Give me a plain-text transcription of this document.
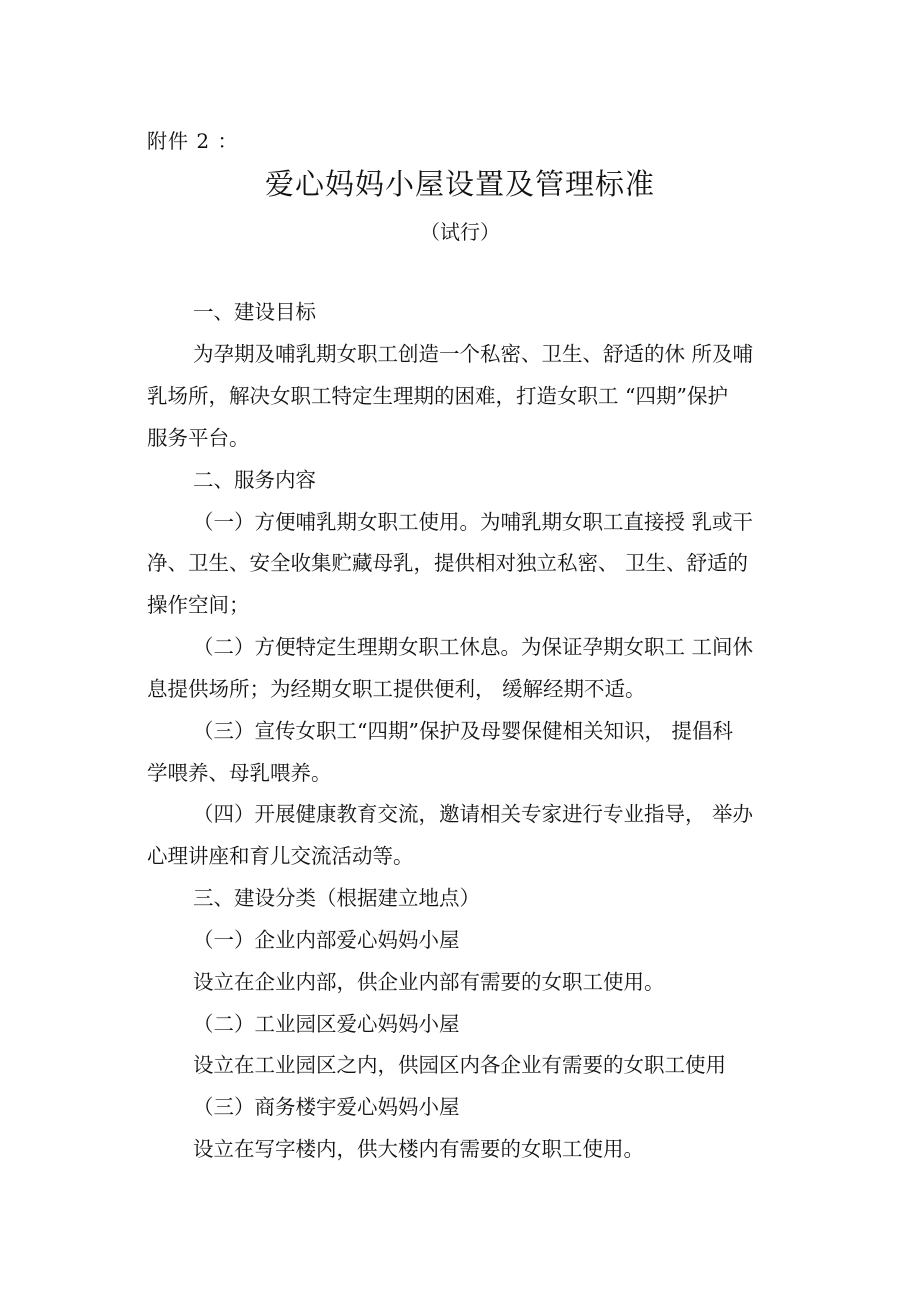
附件 2 ：
爱心妈妈小屋设置及管理标准
（试行）
一、建设目标
为孕期及哺乳期女职工创造一个私密、卫生、舒适的休 所及哺
乳场所，解决女职工特定生理期的困难，打造女职工 “四期”保护
服务平台。
二、服务内容
（一）方便哺乳期女职工使用。为哺乳期女职工直接授 乳或干
净、卫生、安全收集贮藏母乳，提供相对独立私密、 卫生、舒适的
操作空间；
（二）方便特定生理期女职工休息。为保证孕期女职工 工间休
息提供场所；为经期女职工提供便利， 缓解经期不适。
（三）宣传女职工“四期”保护及母婴保健相关知识， 提倡科
学喂养、母乳喂养。
（四）开展健康教育交流，邀请相关专家进行专业指导， 举办
心理讲座和育儿交流活动等。
三、建设分类（根据建立地点）
（一）企业内部爱心妈妈小屋
设立在企业内部，供企业内部有需要的女职工使用。
（二）工业园区爱心妈妈小屋
设立在工业园区之内，供园区内各企业有需要的女职工使用
（三）商务楼宇爱心妈妈小屋
设立在写字楼内，供大楼内有需要的女职工使用。
